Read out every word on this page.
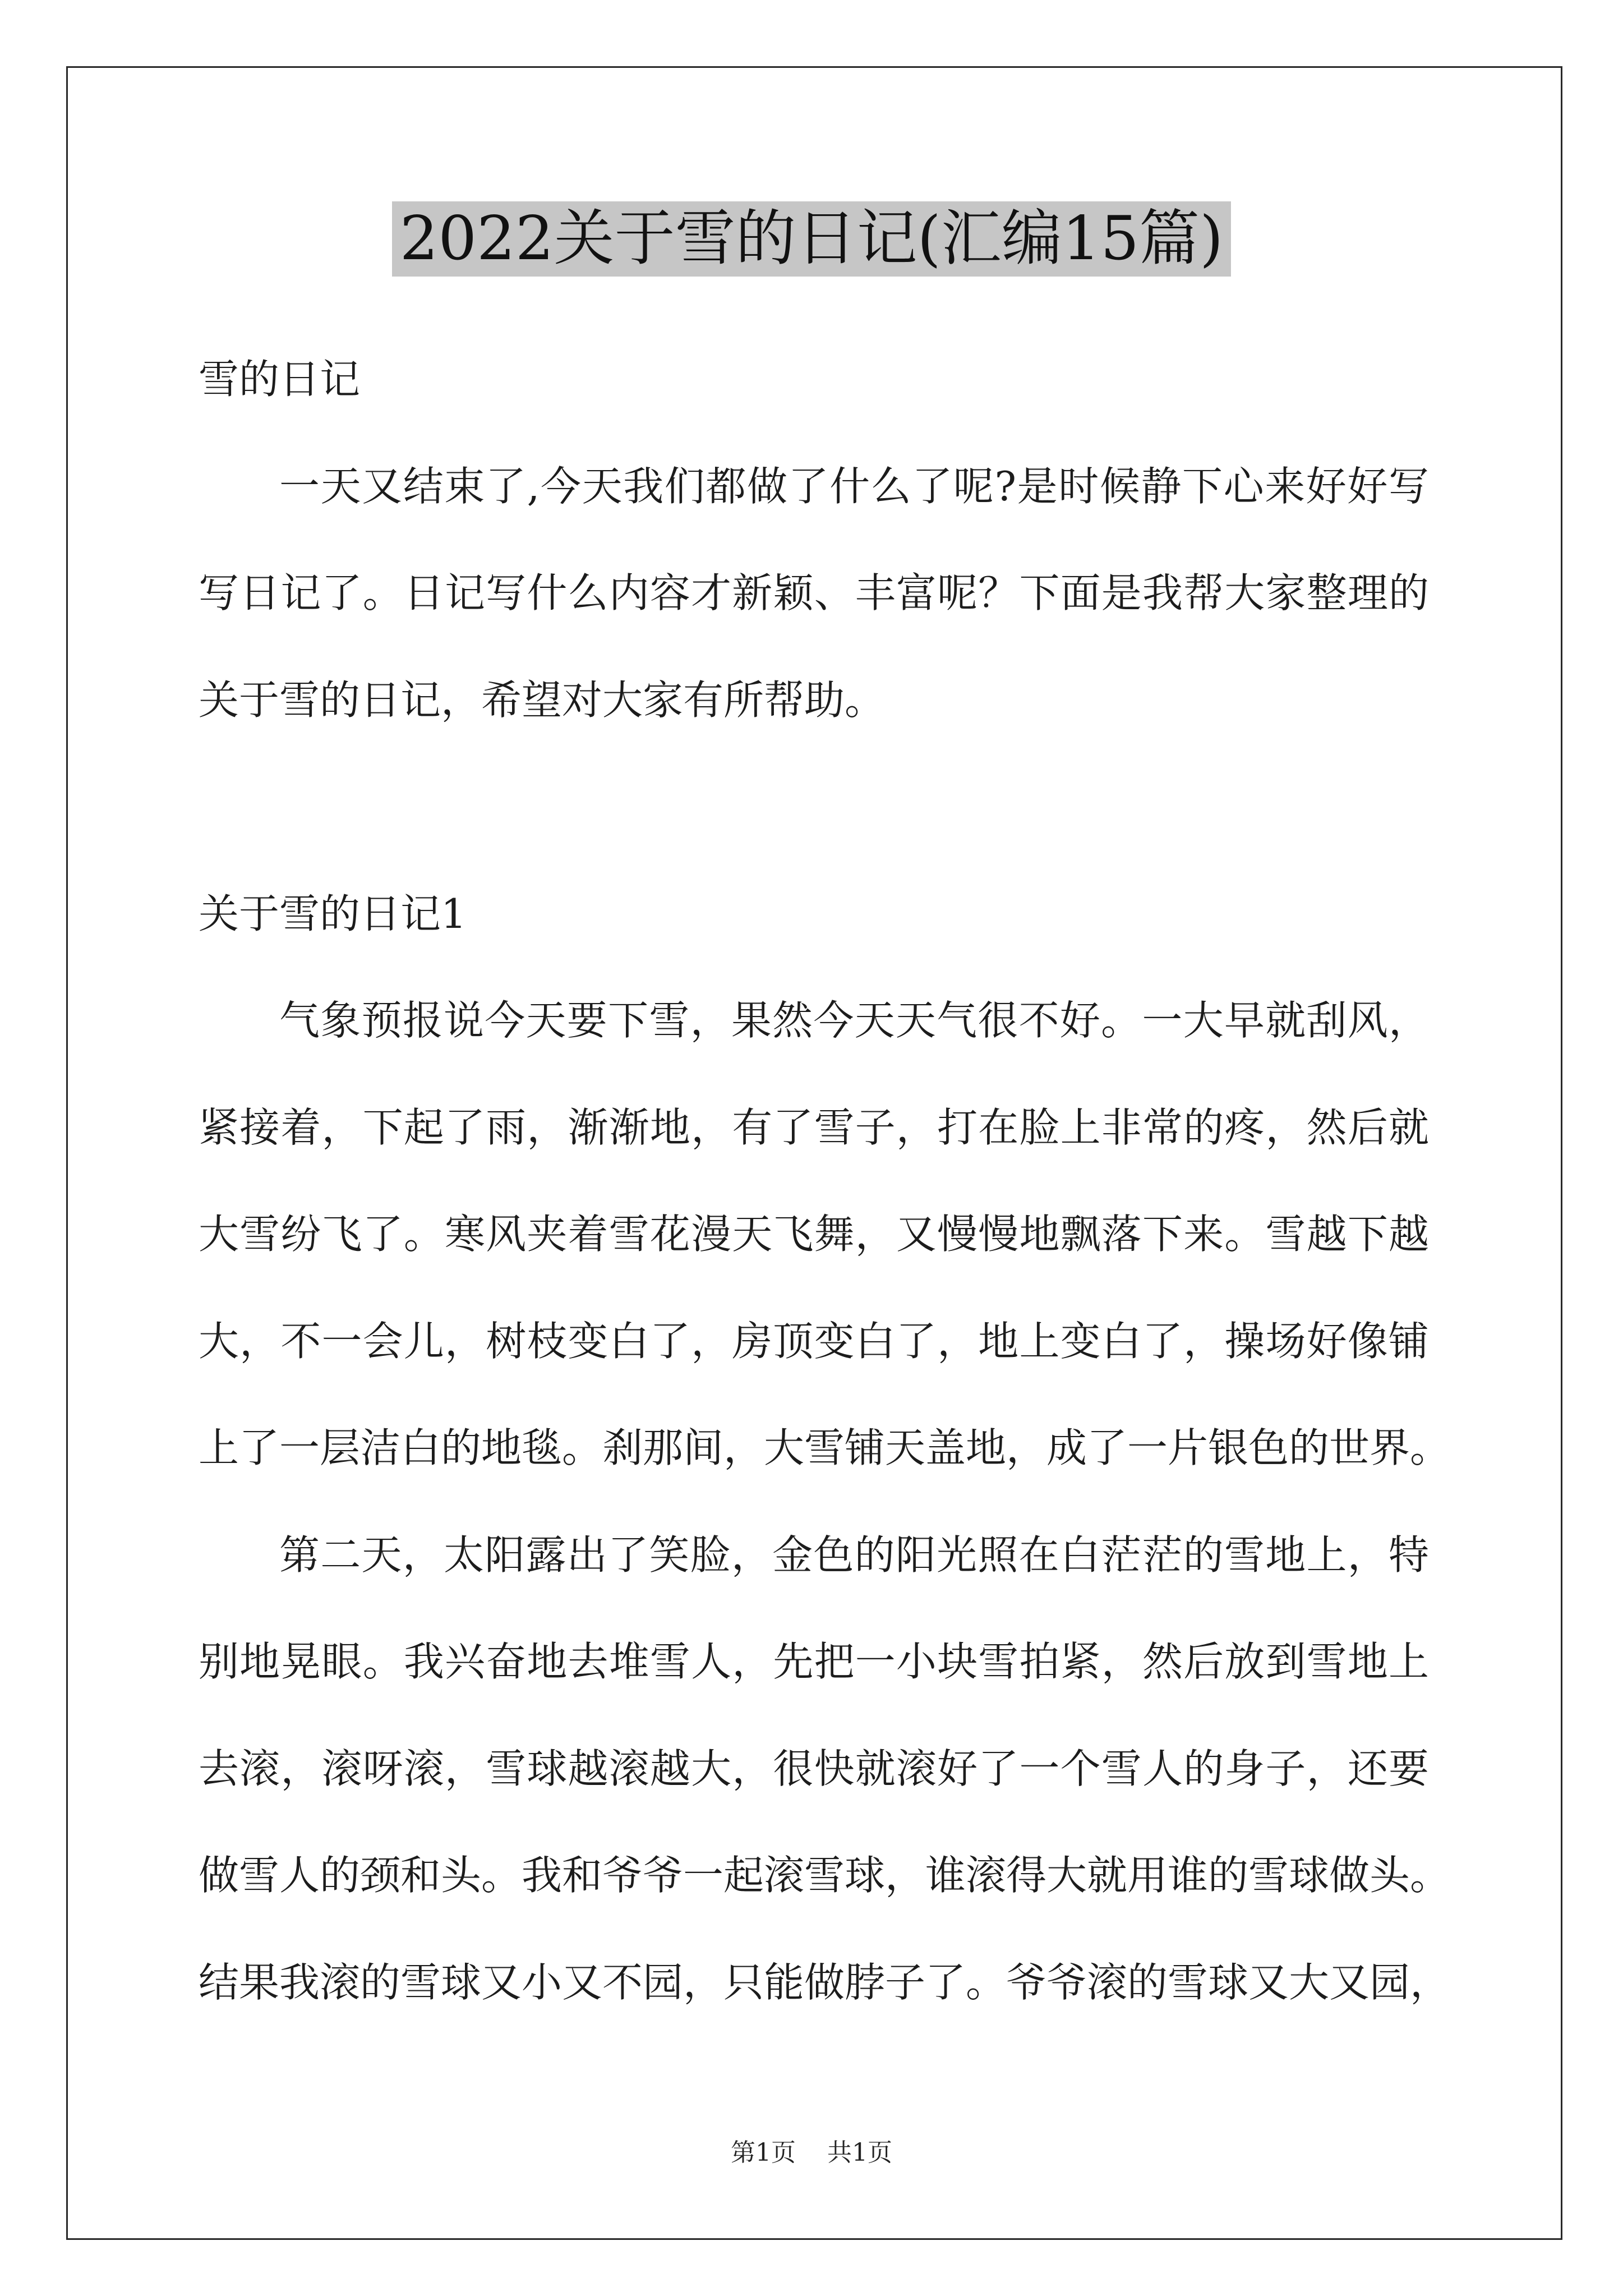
2022关于雪的日记(汇编15篇)
雪的日记
一天又结束了,今天我们都做了什么了呢?是时候静下心来好好写
写日记了。日记写什么内容才新颖、丰富呢？下面是我帮大家整理的
关于雪的日记，希望对大家有所帮助。
关于雪的日记1
气象预报说今天要下雪，果然今天天气很不好。一大早就刮风，
紧接着，下起了雨，渐渐地，有了雪子，打在脸上非常的疼，然后就
大雪纷飞了。寒风夹着雪花漫天飞舞，又慢慢地飘落下来。雪越下越
大，不一会儿，树枝变白了，房顶变白了，地上变白了，操场好像铺
上了一层洁白的地毯。刹那间，大雪铺天盖地，成了一片银色的世界。
第二天，太阳露出了笑脸，金色的阳光照在白茫茫的雪地上，特
别地晃眼。我兴奋地去堆雪人，先把一小块雪拍紧，然后放到雪地上
去滚，滚呀滚，雪球越滚越大，很快就滚好了一个雪人的身子，还要
做雪人的颈和头。我和爷爷一起滚雪球，谁滚得大就用谁的雪球做头。
结果我滚的雪球又小又不园，只能做脖子了。爷爷滚的雪球又大又园，
第1页 共1页
